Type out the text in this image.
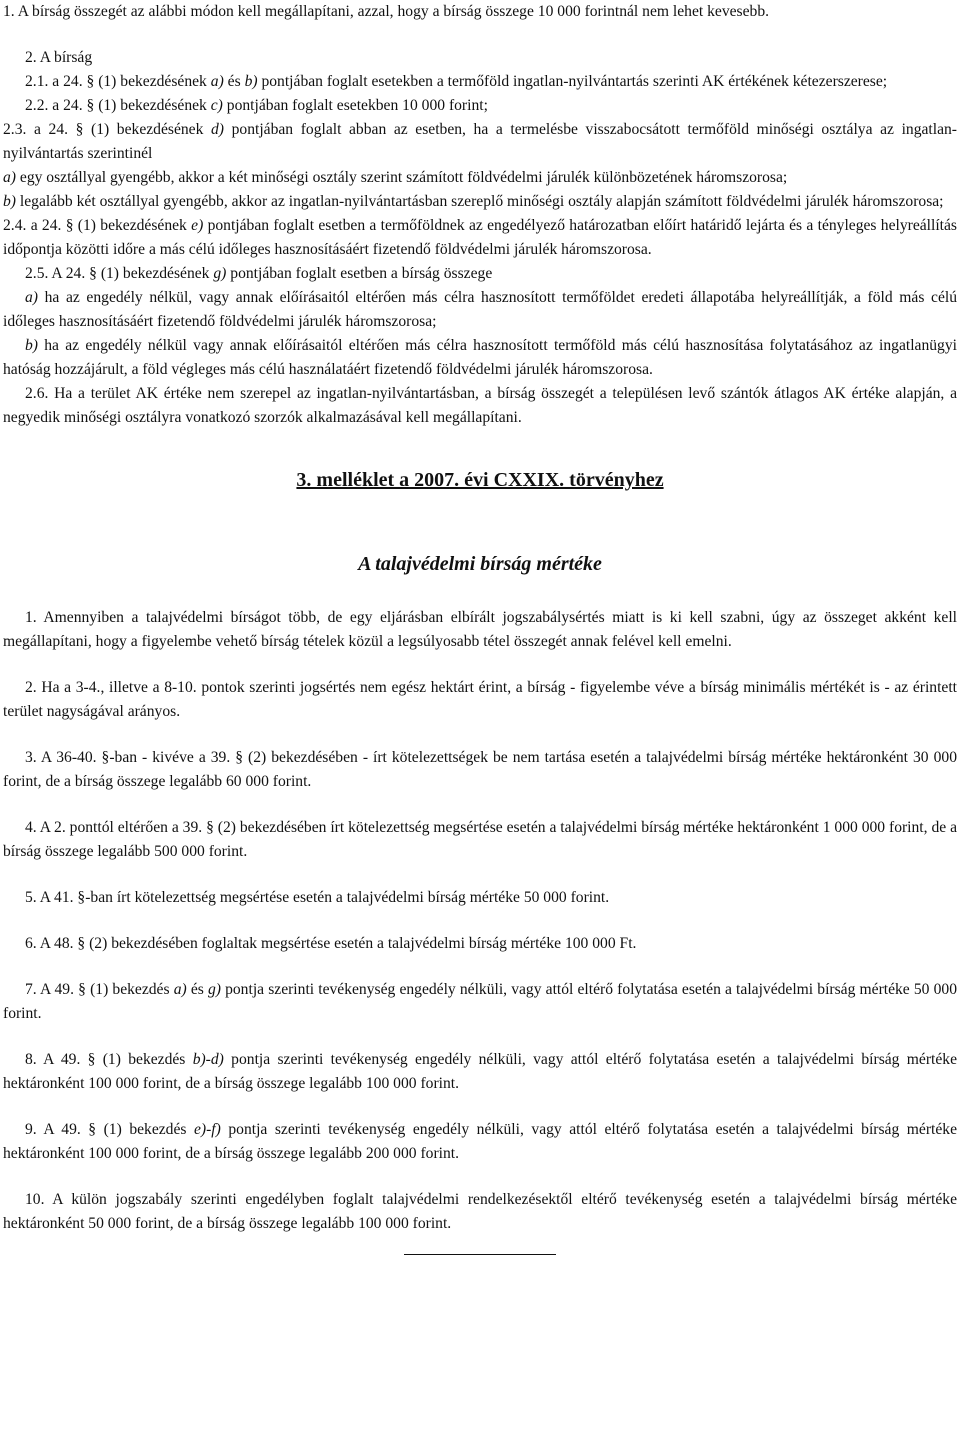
1. A bírság összegét az alábbi módon kell megállapítani, azzal, hogy a bírság összege 10 000 forintnál nem lehet kevesebb.

2. A bírság

2.1. a 24. § (1) bekezdésének a) és b) pontjában foglalt esetekben a termőföld ingatlan-nyilvántartás szerinti AK értékének kétezerszerese;

2.2. a 24. § (1) bekezdésének c) pontjában foglalt esetekben 10 000 forint;

2.3. a 24. § (1) bekezdésének d) pontjában foglalt abban az esetben, ha a termelésbe visszabocsátott termőföld minőségi osztálya az ingatlan-nyilvántartás szerintinél

a) egy osztállyal gyengébb, akkor a két minőségi osztály szerint számított földvédelmi járulék különbözetének háromszorosa;

b) legalább két osztállyal gyengébb, akkor az ingatlan-nyilvántartásban szereplő minőségi osztály alapján számított földvédelmi járulék háromszorosa;

2.4. a 24. § (1) bekezdésének e) pontjában foglalt esetben a termőföldnek az engedélyező határozatban előírt határidő lejárta és a tényleges helyreállítás időpontja közötti időre a más célú időleges hasznosításáért fizetendő földvédelmi járulék háromszorosa.

2.5. A 24. § (1) bekezdésének g) pontjában foglalt esetben a bírság összege

a) ha az engedély nélkül, vagy annak előírásaitól eltérően más célra hasznosított termőföldet eredeti állapotába helyreállítják, a föld más célú időleges hasznosításáért fizetendő földvédelmi járulék háromszorosa;

b) ha az engedély nélkül vagy annak előírásaitól eltérően más célra hasznosított termőföld más célú hasznosítása folytatásához az ingatlanügyi hatóság hozzájárult, a föld végleges más célú használatáért fizetendő földvédelmi járulék háromszorosa.

2.6. Ha a terület AK értéke nem szerepel az ingatlan-nyilvántartásban, a bírság összegét a településen levő szántók átlagos AK értéke alapján, a negyedik minőségi osztályra vonatkozó szorzók alkalmazásával kell megállapítani.

3. melléklet a 2007. évi CXXIX. törvényhez
A talajvédelmi bírság mértéke

1. Amennyiben a talajvédelmi bírságot több, de egy eljárásban elbírált jogszabálysértés miatt is ki kell szabni, úgy az összeget akként kell megállapítani, hogy a figyelembe vehető bírság tételek közül a legsúlyosabb tétel összegét annak felével kell emelni.

2. Ha a 3-4., illetve a 8-10. pontok szerinti jogsértés nem egész hektárt érint, a bírság - figyelembe véve a bírság minimális mértékét is - az érintett terület nagyságával arányos.

3. A 36-40. §-ban - kivéve a 39. § (2) bekezdésében - írt kötelezettségek be nem tartása esetén a talajvédelmi bírság mértéke hektáronként 30 000 forint, de a bírság összege legalább 60 000 forint.

4. A 2. ponttól eltérően a 39. § (2) bekezdésében írt kötelezettség megsértése esetén a talajvédelmi bírság mértéke hektáronként 1 000 000 forint, de a bírság összege legalább 500 000 forint.

5. A 41. §-ban írt kötelezettség megsértése esetén a talajvédelmi bírság mértéke 50 000 forint.

6. A 48. § (2) bekezdésében foglaltak megsértése esetén a talajvédelmi bírság mértéke 100 000 Ft.

7. A 49. § (1) bekezdés a) és g) pontja szerinti tevékenység engedély nélküli, vagy attól eltérő folytatása esetén a talajvédelmi bírság mértéke 50 000 forint.

8. A 49. § (1) bekezdés b)-d) pontja szerinti tevékenység engedély nélküli, vagy attól eltérő folytatása esetén a talajvédelmi bírság mértéke hektáronként 100 000 forint, de a bírság összege legalább 100 000 forint.

9. A 49. § (1) bekezdés e)-f) pontja szerinti tevékenység engedély nélküli, vagy attól eltérő folytatása esetén a talajvédelmi bírság mértéke hektáronként 100 000 forint, de a bírság összege legalább 200 000 forint.

10. A külön jogszabály szerinti engedélyben foglalt talajvédelmi rendelkezésektől eltérő tevékenység esetén a talajvédelmi bírság mértéke hektáronként 50 000 forint, de a bírság összege legalább 100 000 forint.
